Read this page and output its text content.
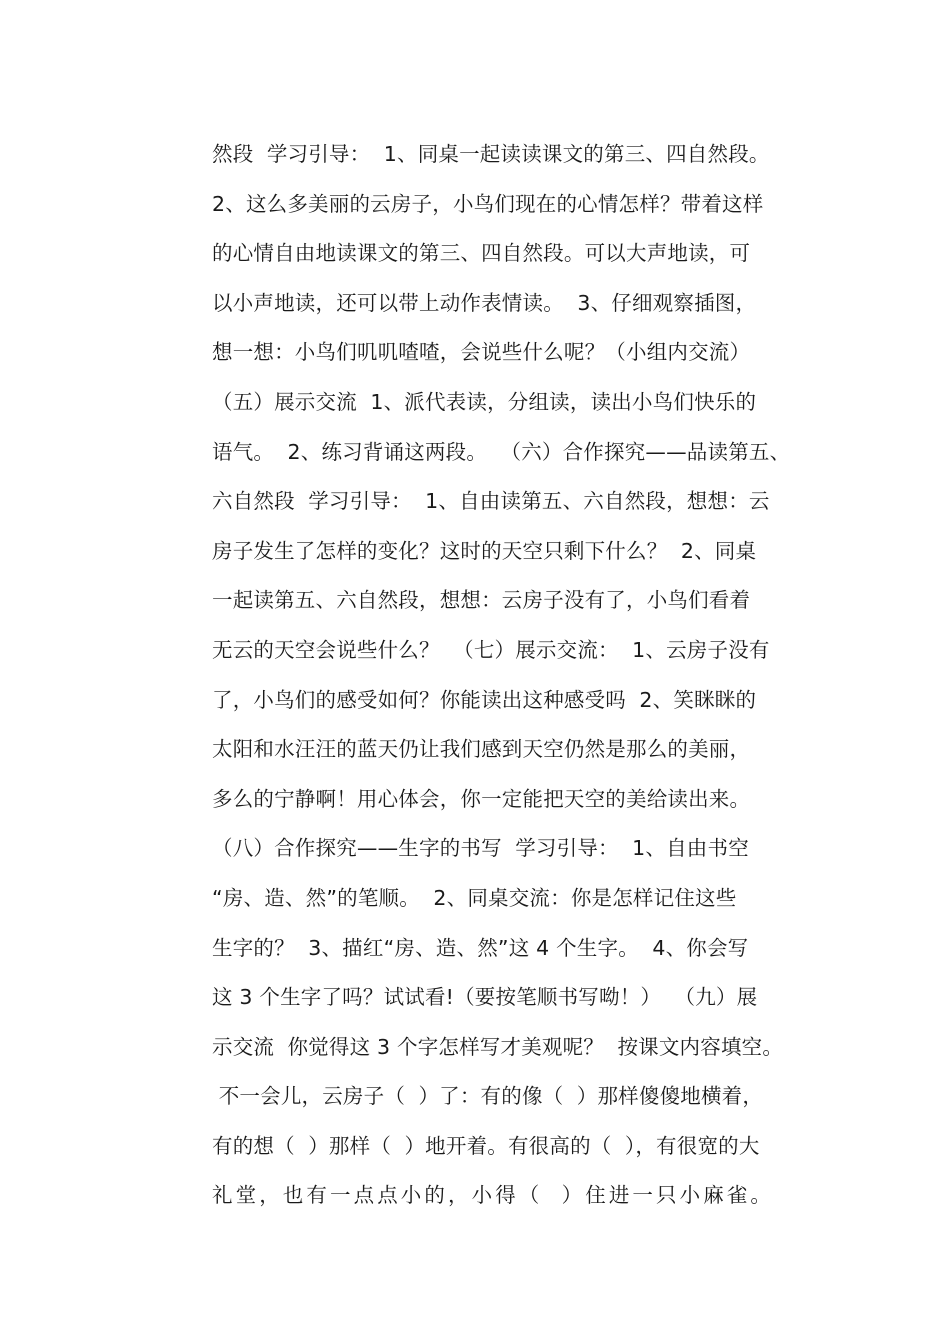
然段  学习引导：  1、同桌一起读读课文的第三、四自然段。
2、这么多美丽的云房子，小鸟们现在的心情怎样？带着这样
的心情自由地读课文的第三、四自然段。可以大声地读，可
以小声地读，还可以带上动作表情读。  3、仔细观察插图，
想一想：小鸟们叽叽喳喳，会说些什么呢？（小组内交流）
（五）展示交流  1、派代表读，分组读，读出小鸟们快乐的
语气。  2、练习背诵这两段。  （六）合作探究——品读第五、
六自然段  学习引导：  1、自由读第五、六自然段，想想：云
房子发生了怎样的变化？这时的天空只剩下什么？  2、同桌
一起读第五、六自然段，想想：云房子没有了，小鸟们看着
无云的天空会说些什么？  （七）展示交流：  1、云房子没有
了，小鸟们的感受如何？你能读出这种感受吗  2、笑眯眯的
太阳和水汪汪的蓝天仍让我们感到天空仍然是那么的美丽，
多么的宁静啊！用心体会，你一定能把天空的美给读出来。
（八）合作探究——生字的书写  学习引导：  1、自由书空
“房、造、然”的笔顺。  2、同桌交流：你是怎样记住这些
生字的？  3、描红“房、造、然”这 4 个生字。  4、你会写
这 3 个生字了吗？试试看!（要按笔顺书写呦！）  （九）展
示交流  你觉得这 3 个字怎样写才美观呢？  按课文内容填空。
不一会儿，云房子（  ）了：有的像（  ）那样傻傻地横着，
有的想（  ）那样（  ）地开着。有很高的（  ），有很宽的大
礼堂，也有一点点小的，小得（  ）住进一只小麻雀。
